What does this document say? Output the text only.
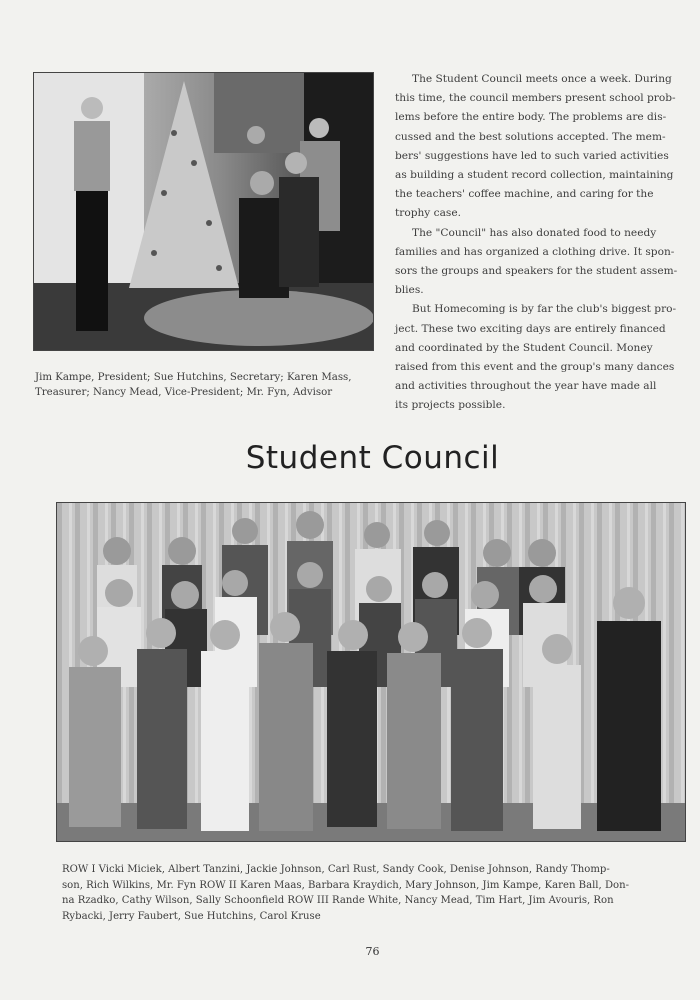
Jim Kampe, President; Sue Hutchins, Secretary; Karen Mass,
Treasurer; Nancy Mead, Vice-President; Mr. Fyn, Advisor
The Student Council meets once a week. During
this time, the council members present school prob-
lems before the entire body. The problems are dis-
cussed and the best solutions accepted. The mem-
bers' suggestions have led to such varied activities
as building a student record collection, maintaining
the teachers' coffee machine, and caring for the
trophy case.
The "Council" has also donated food to needy
families and has organized a clothing drive. It spon-
sors the groups and speakers for the student assem-
blies.
But Homecoming is by far the club's biggest pro-
ject. These two exciting days are entirely financed
and coordinated by the Student Council. Money
raised from this event and the group's many dances
and activities throughout the year have made all
its projects possible.
Student Council
ROW I Vicki Miciek, Albert Tanzini, Jackie Johnson, Carl Rust, Sandy Cook, Denise Johnson, Randy Thomp-
son, Rich Wilkins, Mr. Fyn ROW II Karen Maas, Barbara Kraydich, Mary Johnson, Jim Kampe, Karen Ball, Don-
na Rzadko, Cathy Wilson, Sally Schoonfield ROW III Rande White, Nancy Mead, Tim Hart, Jim Avouris, Ron
Rybacki, Jerry Faubert, Sue Hutchins, Carol Kruse
76
